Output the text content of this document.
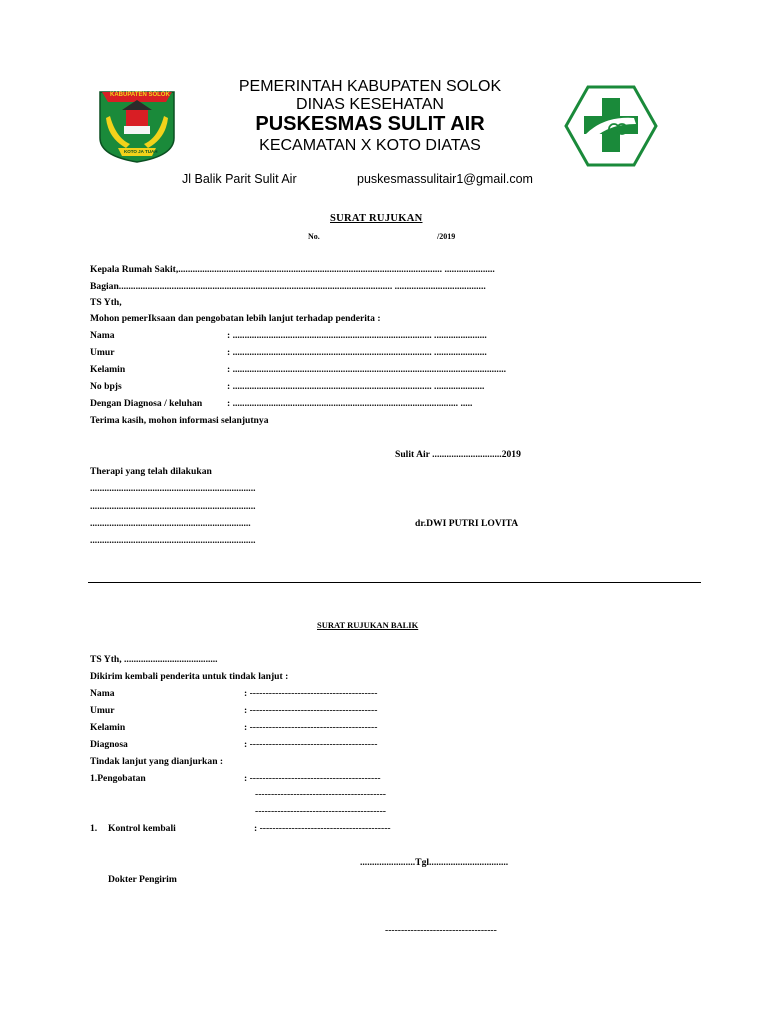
KABUPATEN SOLOK
KOTO JA TUAH
PEMERINTAH KABUPATEN SOLOK
DINAS KESEHATAN
PUSKESMAS SULIT AIR
KECAMATAN X KOTO DIATAS
Jl Balik Parit Sulit Air	puskesmassulitair1@gmail.com
SURAT RUJUKAN
No.	/2019
Kepala Rumah Sakit,.............................................................................................................. .....................
Bagian.................................................................................................................. ......................................
TS Yth,
Mohon pemerIksaan dan pengobatan lebih lanjut terhadap penderita :
Nama	: ................................................................................... ......................
Umur	: ................................................................................... ......................
Kelamin	: ..................................................................................................................
No bpjs	: ................................................................................... .....................
Dengan Diagnosa / keluhan	: .............................................................................................. .....
Terima kasih, mohon informasi selanjutnya
Sulit Air .............................2019
Therapi yang telah dilakukan
.....................................................................
.....................................................................
...................................................................	dr.DWI PUTRI LOVITA
.....................................................................
SURAT RUJUKAN BALIK
TS Yth, .......................................
Dikirim kembali penderita untuk tindak lanjut :
Nama	: ----------------------------------------
Umur	: ----------------------------------------
Kelamin	: ----------------------------------------
Diagnosa	: ----------------------------------------
Tindak lanjut yang dianjurkan :
1.Pengobatan	: -----------------------------------------
-----------------------------------------
-----------------------------------------
1. Kontrol kembali	: -----------------------------------------
.......................Tgl.................................
Dokter Pengirim
-----------------------------------
